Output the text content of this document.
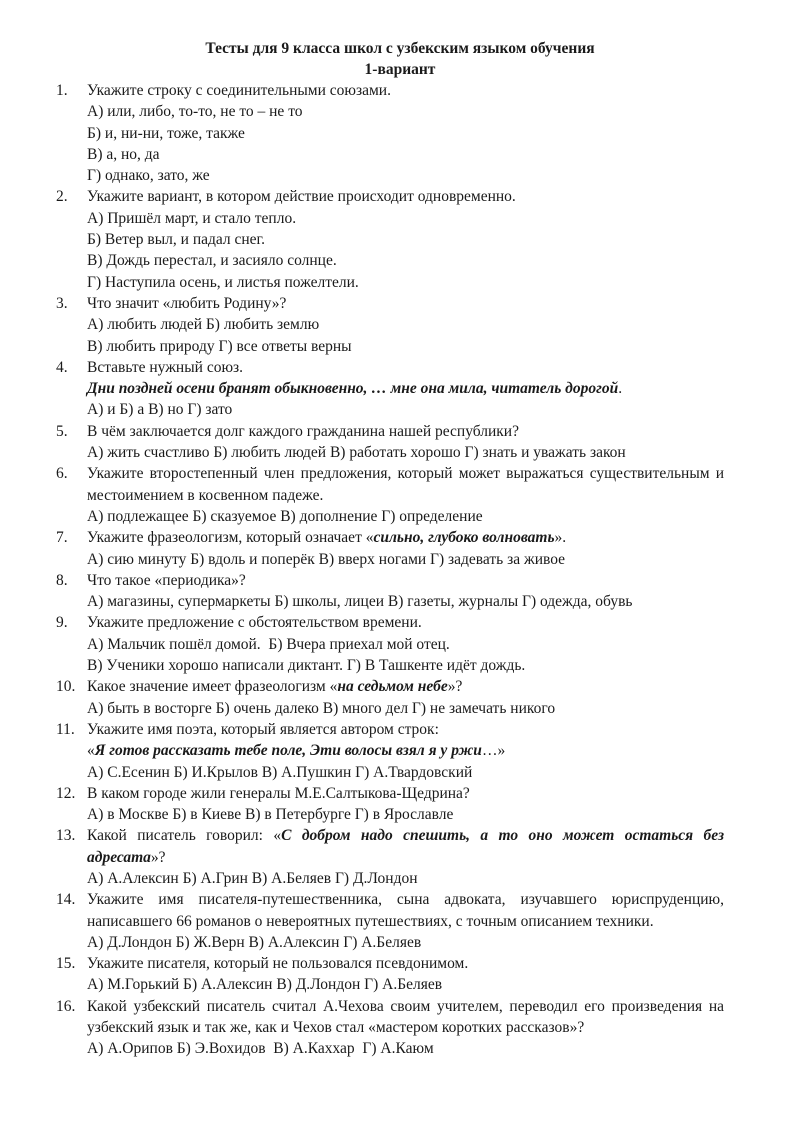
Тесты для 9 класса школ с узбекским языком обучения
1-вариант
1.	Укажите строку с соединительными союзами.
А) или, либо, то-то, не то – не то
Б) и, ни-ни, тоже, также
В) а, но, да
Г) однако, зато, же
2.	Укажите вариант, в котором действие происходит одновременно.
А) Пришёл март, и стало тепло.
Б) Ветер выл, и падал снег.
В) Дождь перестал, и засияло солнце.
Г) Наступила осень, и листья пожелтели.
3.	Что значит «любить Родину»?
А) любить людей Б) любить землю
В) любить природу Г) все ответы верны
4.	Вставьте нужный союз.
Дни поздней осени бранят обыкновенно, … мне она мила, читатель дорогой.
А) и Б) а В) но Г) зато
5.	В чём заключается долг каждого гражданина нашей республики?
А) жить счастливо Б) любить людей В) работать хорошо Г) знать и уважать закон
6.	Укажите второстепенный член предложения, который может выражаться существительным и местоимением в косвенном падеже.
А) подлежащее Б) сказуемое В) дополнение Г) определение
7.	Укажите фразеологизм, который означает «сильно, глубоко волновать».
А) сию минуту Б) вдоль и поперёк В) вверх ногами Г) задевать за живое
8.	Что такое «периодика»?
А) магазины, супермаркеты Б) школы, лицеи В) газеты, журналы Г) одежда, обувь
9.	Укажите предложение с обстоятельством времени.
А) Мальчик пошёл домой.  Б) Вчера приехал мой отец.
В) Ученики хорошо написали диктант. Г) В Ташкенте идёт дождь.
10. Какое значение имеет фразеологизм «на седьмом небе»?
А) быть в восторге Б) очень далеко В) много дел Г) не замечать никого
11. Укажите имя поэта, который является автором строк:
«Я готов рассказать тебе поле, Эти волосы взял я у ржи…»
А) С.Есенин Б) И.Крылов В) А.Пушкин Г) А.Твардовский
12. В каком городе жили генералы М.Е.Салтыкова-Щедрина?
А) в Москве Б) в Киеве В) в Петербурге Г) в Ярославле
13. Какой писатель говорил: «С добром надо спешить, а то оно может остаться без адресата»?
А) А.Алексин Б) А.Грин В) А.Беляев Г) Д.Лондон
14. Укажите имя писателя-путешественника, сына адвоката, изучавшего юриспруденцию, написавшего 66 романов о невероятных путешествиях, с точным описанием техники.
А) Д.Лондон Б) Ж.Верн В) А.Алексин Г) А.Беляев
15. Укажите писателя, который не пользовался псевдонимом.
А) М.Горький Б) А.Алексин В) Д.Лондон Г) А.Беляев
16. Какой узбекский писатель считал А.Чехова своим учителем, переводил его произведения на узбекский язык и так же, как и Чехов стал «мастером коротких рассказов»?
А) А.Орипов Б) Э.Вохидов  В) А.Каххар  Г) А.Каюм
